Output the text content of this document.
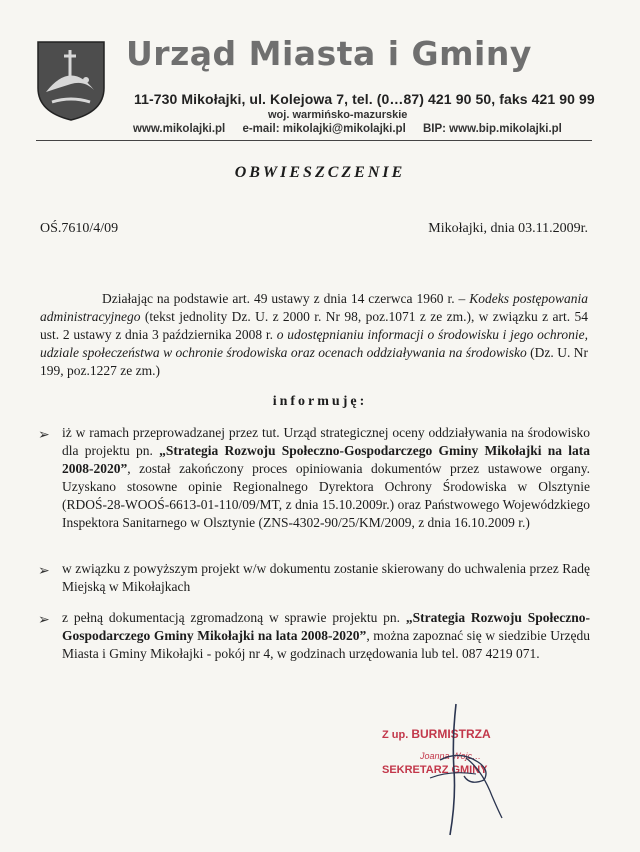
Urząd Miasta i Gminy
11-730 Mikołajki, ul. Kolejowa 7, tel. (0…87) 421 90 50, faks 421 90 99
woj. warmińsko-mazurskie
www.mikolajki.pl e-mail: mikolajki@mikolajki.pl BIP: www.bip.mikolajki.pl
OBWIESZCZENIE
OŚ.7610/4/09	Mikołajki, dnia 03.11.2009r.
Działając na podstawie art. 49 ustawy z dnia 14 czerwca 1960 r. – Kodeks postępowania administracyjnego (tekst jednolity Dz. U. z 2000 r. Nr 98, poz.1071 z ze zm.), w związku z art. 54 ust. 2 ustawy z dnia 3 października 2008 r. o udostępnianiu informacji o środowisku i jego ochronie, udziale społeczeństwa w ochronie środowiska oraz ocenach oddziaływania na środowisko (Dz. U. Nr 199, poz.1227 ze zm.)
informuję:
➢ iż w ramach przeprowadzanej przez tut. Urząd strategicznej oceny oddziaływania na środowisko dla projektu pn. „Strategia Rozwoju Społeczno-Gospodarczego Gminy Mikołajki na lata 2008-2020”, został zakończony proces opiniowania dokumentów przez ustawowe organy. Uzyskano stosowne opinie Regionalnego Dyrektora Ochrony Środowiska w Olsztynie (RDOŚ-28-WOOŚ-6613-01-110/09/MT, z dnia 15.10.2009r.) oraz Państwowego Wojewódzkiego Inspektora Sanitarnego w Olsztynie (ZNS-4302-90/25/KM/2009, z dnia 16.10.2009 r.)
➢ w związku z powyższym projekt w/w dokumentu zostanie skierowany do uchwalenia przez Radę Miejską w Mikołajkach
➢ z pełną dokumentacją zgromadzoną w sprawie projektu pn. „Strategia Rozwoju Społeczno-Gospodarczego Gminy Mikołajki na lata 2008-2020”, można zapoznać się w siedzibie Urzędu Miasta i Gminy Mikołajki - pokój nr 4, w godzinach urzędowania lub tel. 087 4219 071.
Z up. BURMISTRZA
Joanna Wojc…
SEKRETARZ GMINY
